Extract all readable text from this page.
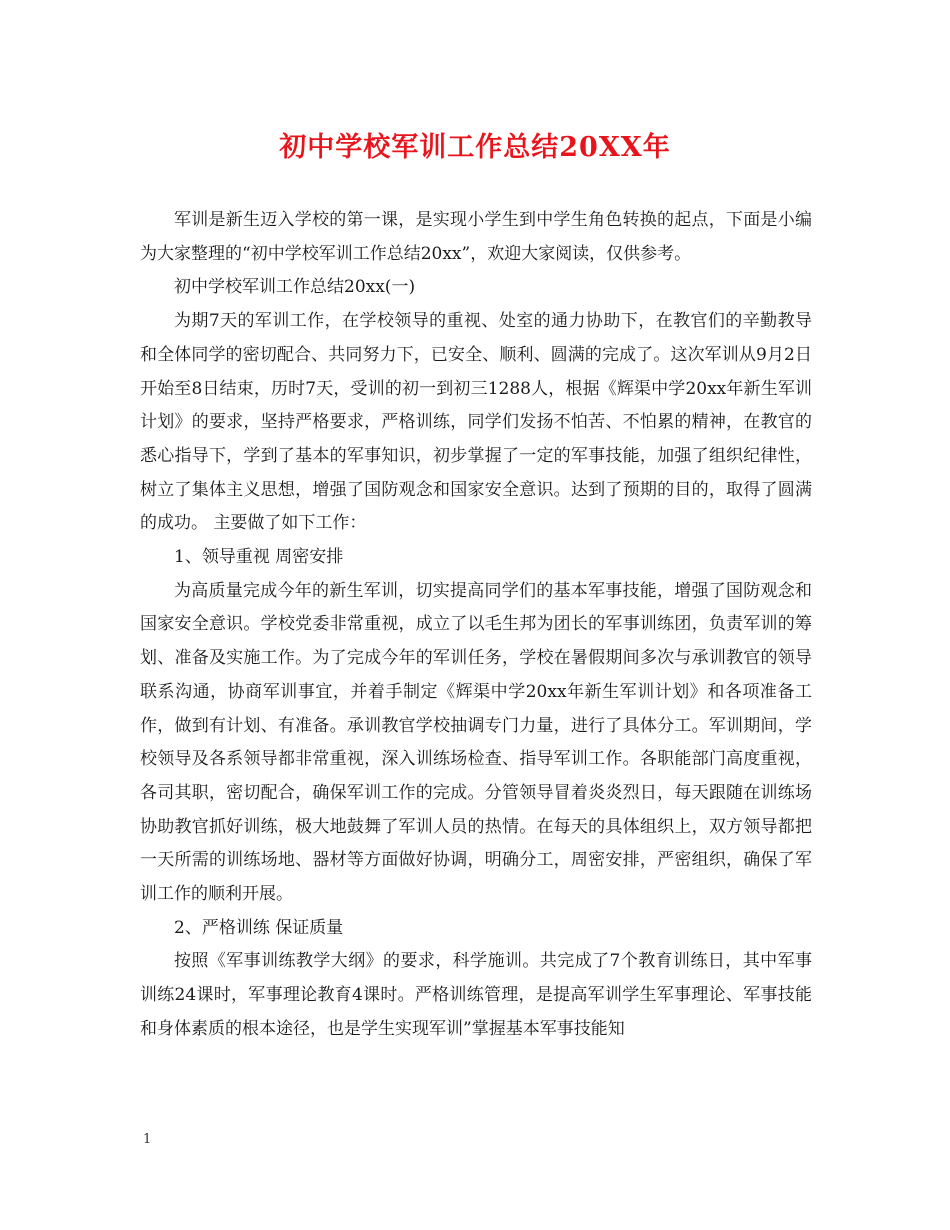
初中学校军训工作总结20XX年

军训是新生迈入学校的第一课，是实现小学生到中学生角色转换的起点，下面是小编为大家整理的“初中学校军训工作总结20xx”，欢迎大家阅读，仅供参考。

初中学校军训工作总结20xx(一)

为期7天的军训工作，在学校领导的重视、处室的通力协助下，在教官们的辛勤教导和全体同学的密切配合、共同努力下，已安全、顺利、圆满的完成了。这次军训从9月2日开始至8日结束，历时7天，受训的初一到初三1288人，根据《辉渠中学20xx年新生军训计划》的要求，坚持严格要求，严格训练，同学们发扬不怕苦、不怕累的精神，在教官的悉心指导下，学到了基本的军事知识，初步掌握了一定的军事技能，加强了组织纪律性，树立了集体主义思想，增强了国防观念和国家安全意识。达到了预期的目的，取得了圆满的成功。 主要做了如下工作：

1、领导重视 周密安排

为高质量完成今年的新生军训，切实提高同学们的基本军事技能，增强了国防观念和国家安全意识。学校党委非常重视，成立了以毛生邦为团长的军事训练团，负责军训的筹划、准备及实施工作。为了完成今年的军训任务，学校在暑假期间多次与承训教官的领导联系沟通，协商军训事宜，并着手制定《辉渠中学20xx年新生军训计划》和各项准备工作，做到有计划、有准备。承训教官学校抽调专门力量，进行了具体分工。军训期间，学校领导及各系领导都非常重视，深入训练场检查、指导军训工作。各职能部门高度重视，各司其职，密切配合，确保军训工作的完成。分管领导冒着炎炎烈日，每天跟随在训练场协助教官抓好训练，极大地鼓舞了军训人员的热情。在每天的具体组织上，双方领导都把一天所需的训练场地、器材等方面做好协调，明确分工，周密安排，严密组织，确保了军训工作的顺利开展。

2、严格训练 保证质量

按照《军事训练教学大纲》的要求，科学施训。共完成了7个教育训练日，其中军事训练24课时，军事理论教育4课时。严格训练管理，是提高军训学生军事理论、军事技能和身体素质的根本途径，也是学生实现军训”掌握基本军事技能知

1
